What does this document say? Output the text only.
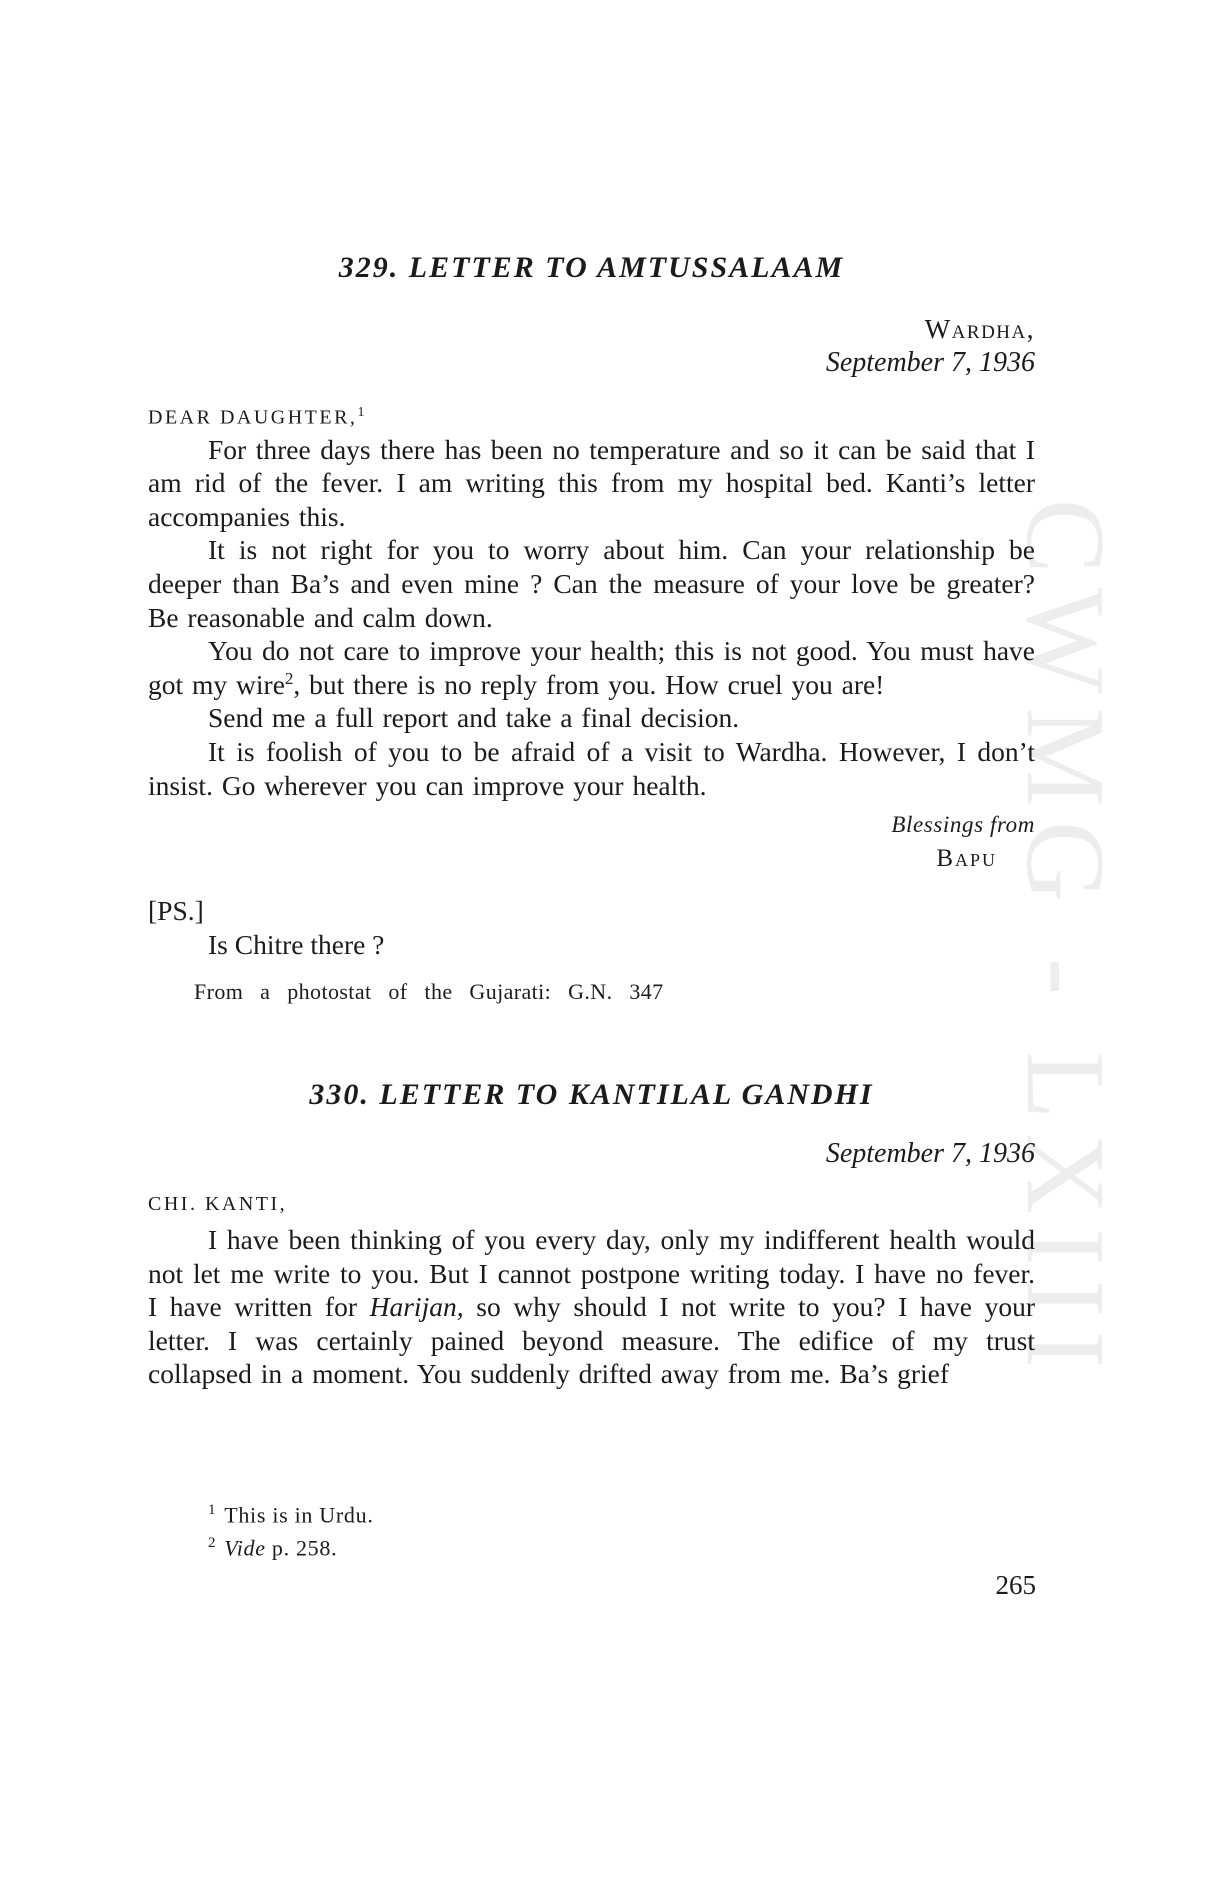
CWMG - LXIII
329. LETTER TO AMTUSSALAAM
Wardha,
September 7, 1936
DEAR DAUGHTER,$^1$

For three days there has been no temperature and so it can be said that I am rid of the fever. I am writing this from my hospital bed. Kanti’s letter accompanies this.

It is not right for you to worry about him. Can your relationship be deeper than Ba’s and even mine ? Can the measure of your love be greater? Be reasonable and calm down.

You do not care to improve your health; this is not good. You must have got my wire$^2$, but there is no reply from you. How cruel you are!

Send me a full report and take a final decision.

It is foolish of you to be afraid of a visit to Wardha. However, I don’t insist. Go wherever you can improve your health.

Blessings from
Bapu
[PS.]
Is Chitre there ?
From a photostat of the Gujarati: G.N. 347
330. LETTER TO KANTILAL GANDHI
September 7, 1936
CHI. KANTI,

I have been thinking of you every day, only my indifferent health would not let me write to you. But I cannot postpone writing today. I have no fever. I have written for Harijan, so why should I not write to you? I have your letter. I was certainly pained beyond measure. The edifice of my trust collapsed in a moment. You suddenly drifted away from me. Ba’s grief

$^1$ This is in Urdu.
$^2$ Vide p. 258.
265
